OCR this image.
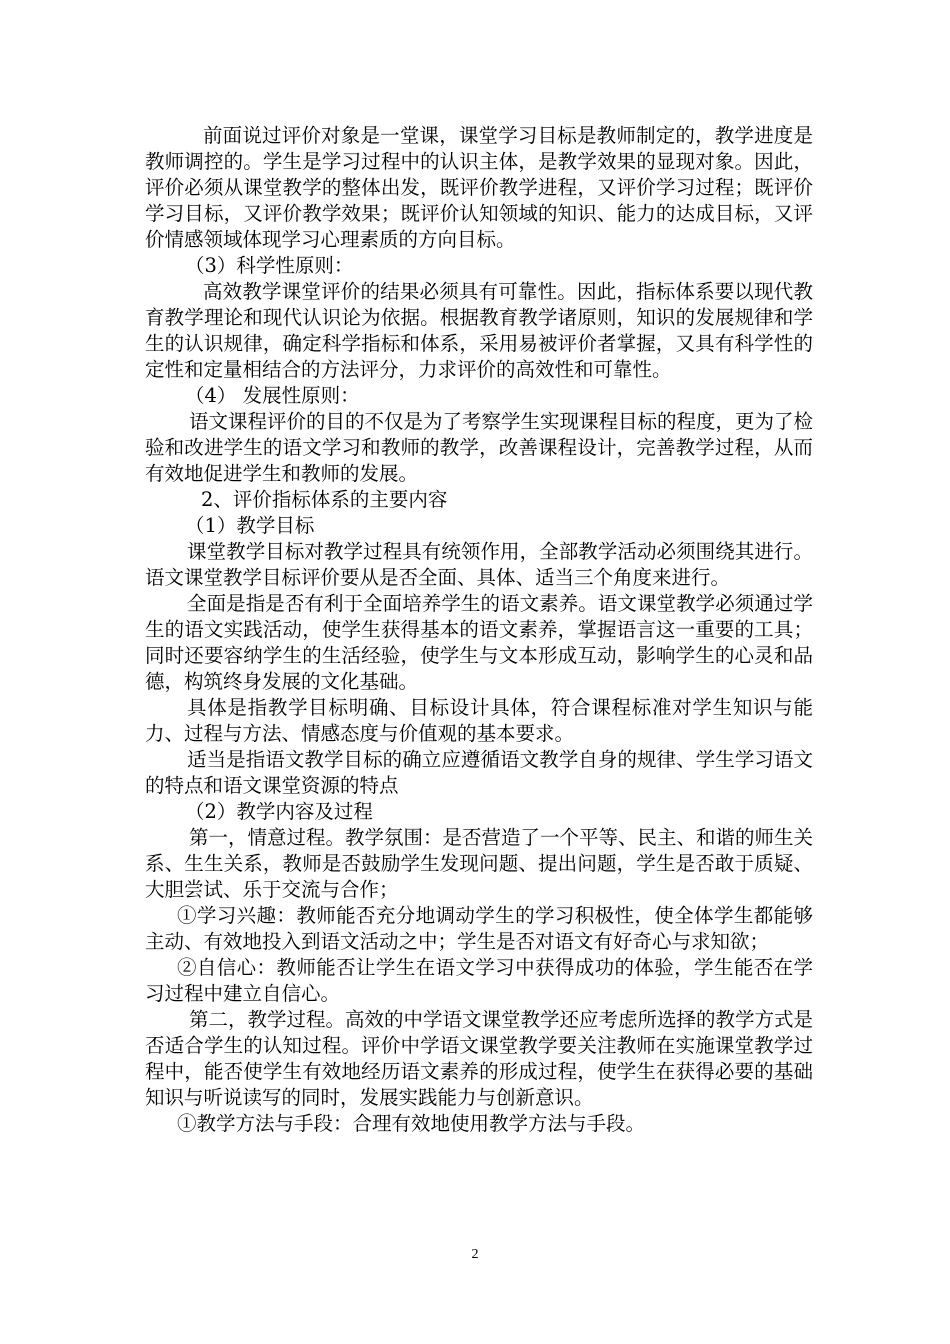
前面说过评价对象是一堂课，课堂学习目标是教师制定的，教学进度是教师调控的。学生是学习过程中的认识主体，是教学效果的显现对象。因此，评价必须从课堂教学的整体出发，既评价教学进程，又评价学习过程；既评价学习目标，又评价教学效果；既评价认知领域的知识、能力的达成目标，又评价情感领域体现学习心理素质的方向目标。

（3）科学性原则：

高效教学课堂评价的结果必须具有可靠性。因此，指标体系要以现代教育教学理论和现代认识论为依据。根据教育教学诸原则，知识的发展规律和学生的认识规律，确定科学指标和体系，采用易被评价者掌握，又具有科学性的定性和定量相结合的方法评分，力求评价的高效性和可靠性。

（4） 发展性原则：

语文课程评价的目的不仅是为了考察学生实现课程目标的程度，更为了检验和改进学生的语文学习和教师的教学，改善课程设计，完善教学过程，从而有效地促进学生和教师的发展。

2、评价指标体系的主要内容

（1）教学目标

课堂教学目标对教学过程具有统领作用，全部教学活动必须围绕其进行。语文课堂教学目标评价要从是否全面、具体、适当三个角度来进行。

全面是指是否有利于全面培养学生的语文素养。语文课堂教学必须通过学生的语文实践活动，使学生获得基本的语文素养，掌握语言这一重要的工具；同时还要容纳学生的生活经验，使学生与文本形成互动，影响学生的心灵和品德，构筑终身发展的文化基础。

具体是指教学目标明确、目标设计具体，符合课程标准对学生知识与能力、过程与方法、情感态度与价值观的基本要求。

适当是指语文教学目标的确立应遵循语文教学自身的规律、学生学习语文的特点和语文课堂资源的特点

（2）教学内容及过程

第一，情意过程。教学氛围：是否营造了一个平等、民主、和谐的师生关系、生生关系，教师是否鼓励学生发现问题、提出问题，学生是否敢于质疑、大胆尝试、乐于交流与合作；

①学习兴趣：教师能否充分地调动学生的学习积极性，使全体学生都能够主动、有效地投入到语文活动之中；学生是否对语文有好奇心与求知欲；

②自信心：教师能否让学生在语文学习中获得成功的体验，学生能否在学习过程中建立自信心。

第二，教学过程。高效的中学语文课堂教学还应考虑所选择的教学方式是否适合学生的认知过程。评价中学语文课堂教学要关注教师在实施课堂教学过程中，能否使学生有效地经历语文素养的形成过程，使学生在获得必要的基础知识与听说读写的同时，发展实践能力与创新意识。

①教学方法与手段：合理有效地使用教学方法与手段。

2
